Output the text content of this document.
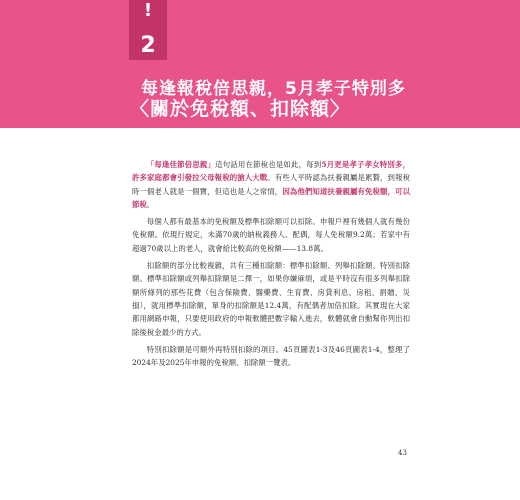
!
2
每逢報稅倍思親，5月孝子特別多
〈關於免稅額、扣除額〉

「每逢佳節倍思親」這句話用在節稅也是如此，每到5月更是孝子孝女特別多，許多家庭都會引發拉父母報稅的搶人大戰。有些人平時認為扶養親屬是累贅，到報稅時一個老人就是一個寶，但這也是人之常情，因為他們知道扶養親屬有免稅額，可以節稅。

每個人都有最基本的免稅額及標準扣除額可以扣除。申報戶裡有幾個人就有幾份免稅額。依現行規定，未滿70歲的納稅義務人、配偶，每人免稅額9.2萬；若家中有超過70歲以上的老人，就會給比較高的免稅額——13.8萬。

扣除額的部分比較複雜，共有三種扣除額：標準扣除額、列舉扣除額、特別扣除額。標準扣除額或列舉扣除額是二擇一，如果你嫌麻煩，或是平時沒有很多列舉扣除額所條列的那些花費（包含保險費、醫藥費、生育費、房貸利息、房租、捐贈、災損），就用標準扣除額，單身的扣除額是12.4萬，有配偶者加倍扣除。其實現在大家都用網路申報，只要使用政府的申報軟體把數字輸入進去，軟體就會自動幫你列出扣除後稅金最少的方式。

特別扣除額是可額外再特別扣除的項目。45頁圖表1-3及46頁圖表1-4，整理了2024年及2025年申報的免稅額、扣除額一覽表。

43
